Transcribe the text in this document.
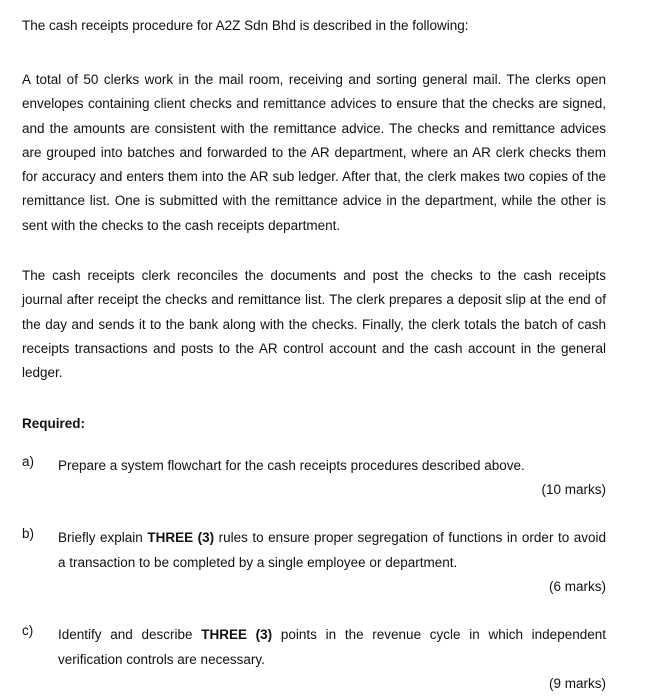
The cash receipts procedure for A2Z Sdn Bhd is described in the following:

A total of 50 clerks work in the mail room, receiving and sorting general mail. The clerks open envelopes containing client checks and remittance advices to ensure that the checks are signed, and the amounts are consistent with the remittance advice. The checks and remittance advices are grouped into batches and forwarded to the AR department, where an AR clerk checks them for accuracy and enters them into the AR sub ledger. After that, the clerk makes two copies of the remittance list. One is submitted with the remittance advice in the department, while the other is sent with the checks to the cash receipts department.

The cash receipts clerk reconciles the documents and post the checks to the cash receipts journal after receipt the checks and remittance list. The clerk prepares a deposit slip at the end of the day and sends it to the bank along with the checks. Finally, the clerk totals the batch of cash receipts transactions and posts to the AR control account and the cash account in the general ledger.

Required:
a) Prepare a system flowchart for the cash receipts procedures described above.
(10 marks)
b) Briefly explain THREE (3) rules to ensure proper segregation of functions in order to avoid a transaction to be completed by a single employee or department.
(6 marks)
c) Identify and describe THREE (3) points in the revenue cycle in which independent verification controls are necessary.
(9 marks)
